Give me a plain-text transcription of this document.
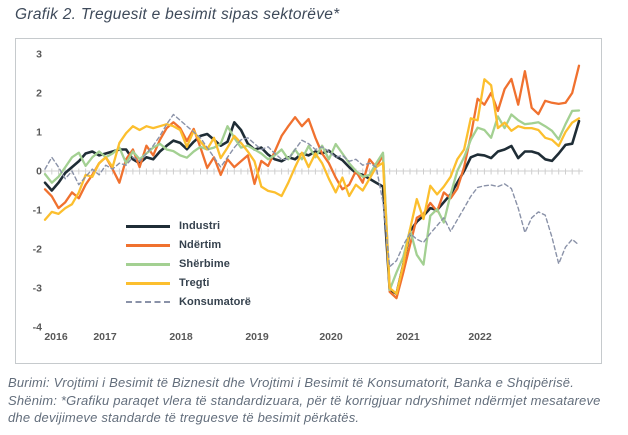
Grafik 2. Treguesit e besimit sipas sektorëve*
3
2
1
0
-1
-2
-3
-4
2016 2017	2018	2019	2020	2021	2022
Industri
Ndërtim
Shërbime
Tregti
Konsumatorë
Burimi: Vrojtimi i Besimit të Biznesit dhe Vrojtimi i Besimit të Konsumatorit, Banka e Shqipërisë.
Shënim: *Grafiku paraqet vlera të standardizuara, për të korrigjuar ndryshimet ndërmjet mesatareve
dhe devijimeve standarde të treguesve të besimit përkatës.
